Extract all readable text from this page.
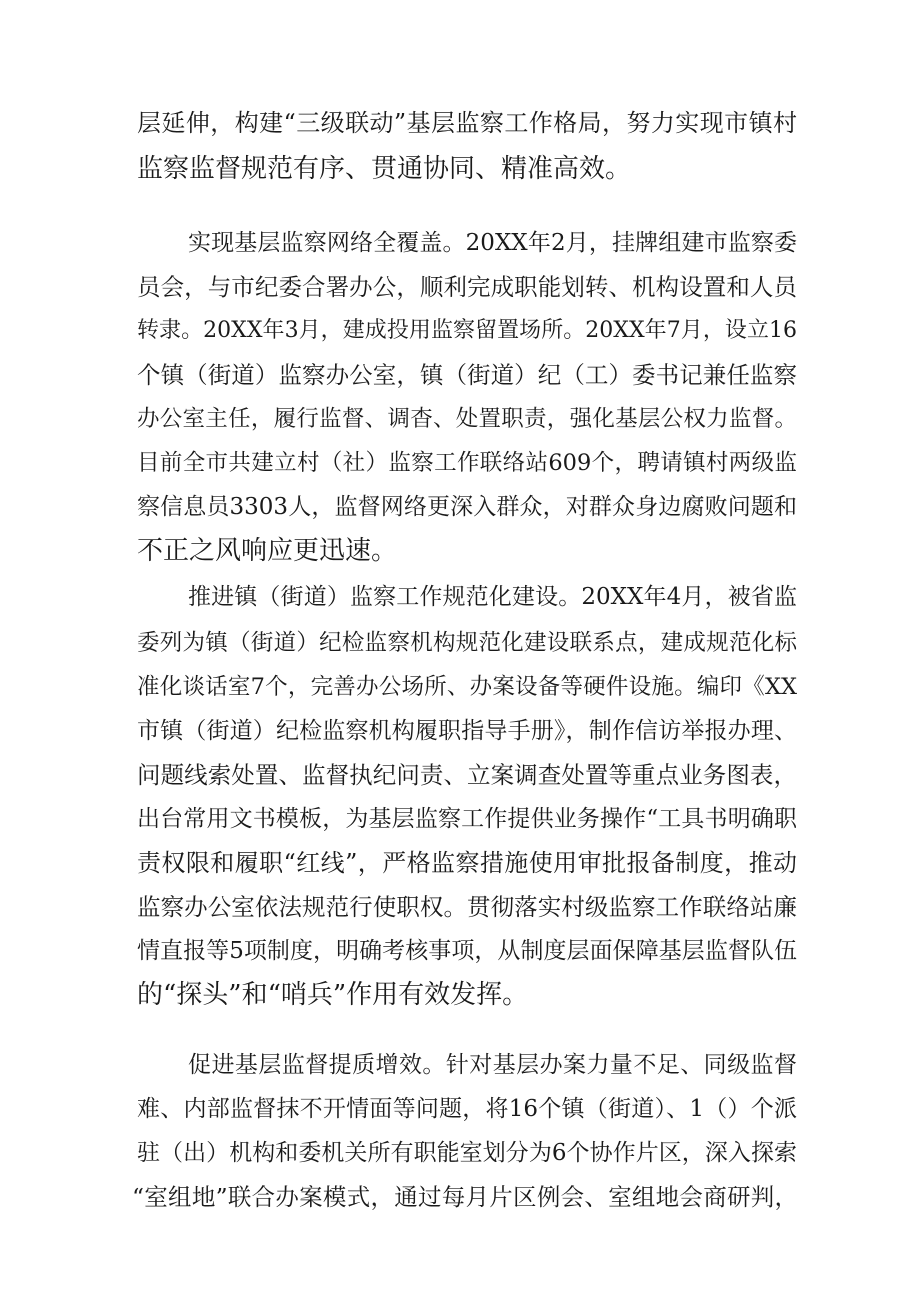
层延伸，构建“三级联动”基层监察工作格局，努力实现市镇村
监察监督规范有序、贯通协同、精准高效。
实现基层监察网络全覆盖。20XX年2月，挂牌组建市监察委
员会，与市纪委合署办公，顺利完成职能划转、机构设置和人员
转隶。20XX年3月，建成投用监察留置场所。20XX年7月，设立16
个镇（街道）监察办公室，镇（街道）纪（工）委书记兼任监察
办公室主任，履行监督、调杳、处置职责，强化基层公权力监督。
目前全市共建立村（社）监察工作联络站609个，聘请镇村两级监
察信息员3303人，监督网络更深入群众，对群众身边腐败问题和
不正之风响应更迅速。
推进镇（街道）监察工作规范化建设。20XX年4月，被省监
委列为镇（街道）纪检监察机构规范化建设联系点，建成规范化标
准化谈话室7个，完善办公场所、办案设备等硬件设施。编印《XX
市镇（街道）纪检监察机构履职指导手册》，制作信访举报办理、
问题线索处置、监督执纪问责、立案调查处置等重点业务图表，
出台常用文书模板，为基层监察工作提供业务操作“工具书明确职
责权限和履职“红线”，严格监察措施使用审批报备制度，推动
监察办公室依法规范行使职权。贯彻落实村级监察工作联络站廉
情直报等5项制度，明确考核事项，从制度层面保障基层监督队伍
的“探头”和“哨兵”作用有效发挥。
促进基层监督提质增效。针对基层办案力量不足、同级监督
难、内部监督抹不开情面等问题，将16个镇（街道）、1（）个派
驻（出）机构和委机关所有职能室划分为6个协作片区，深入探索
“室组地”联合办案模式，通过每月片区例会、室组地会商研判，
